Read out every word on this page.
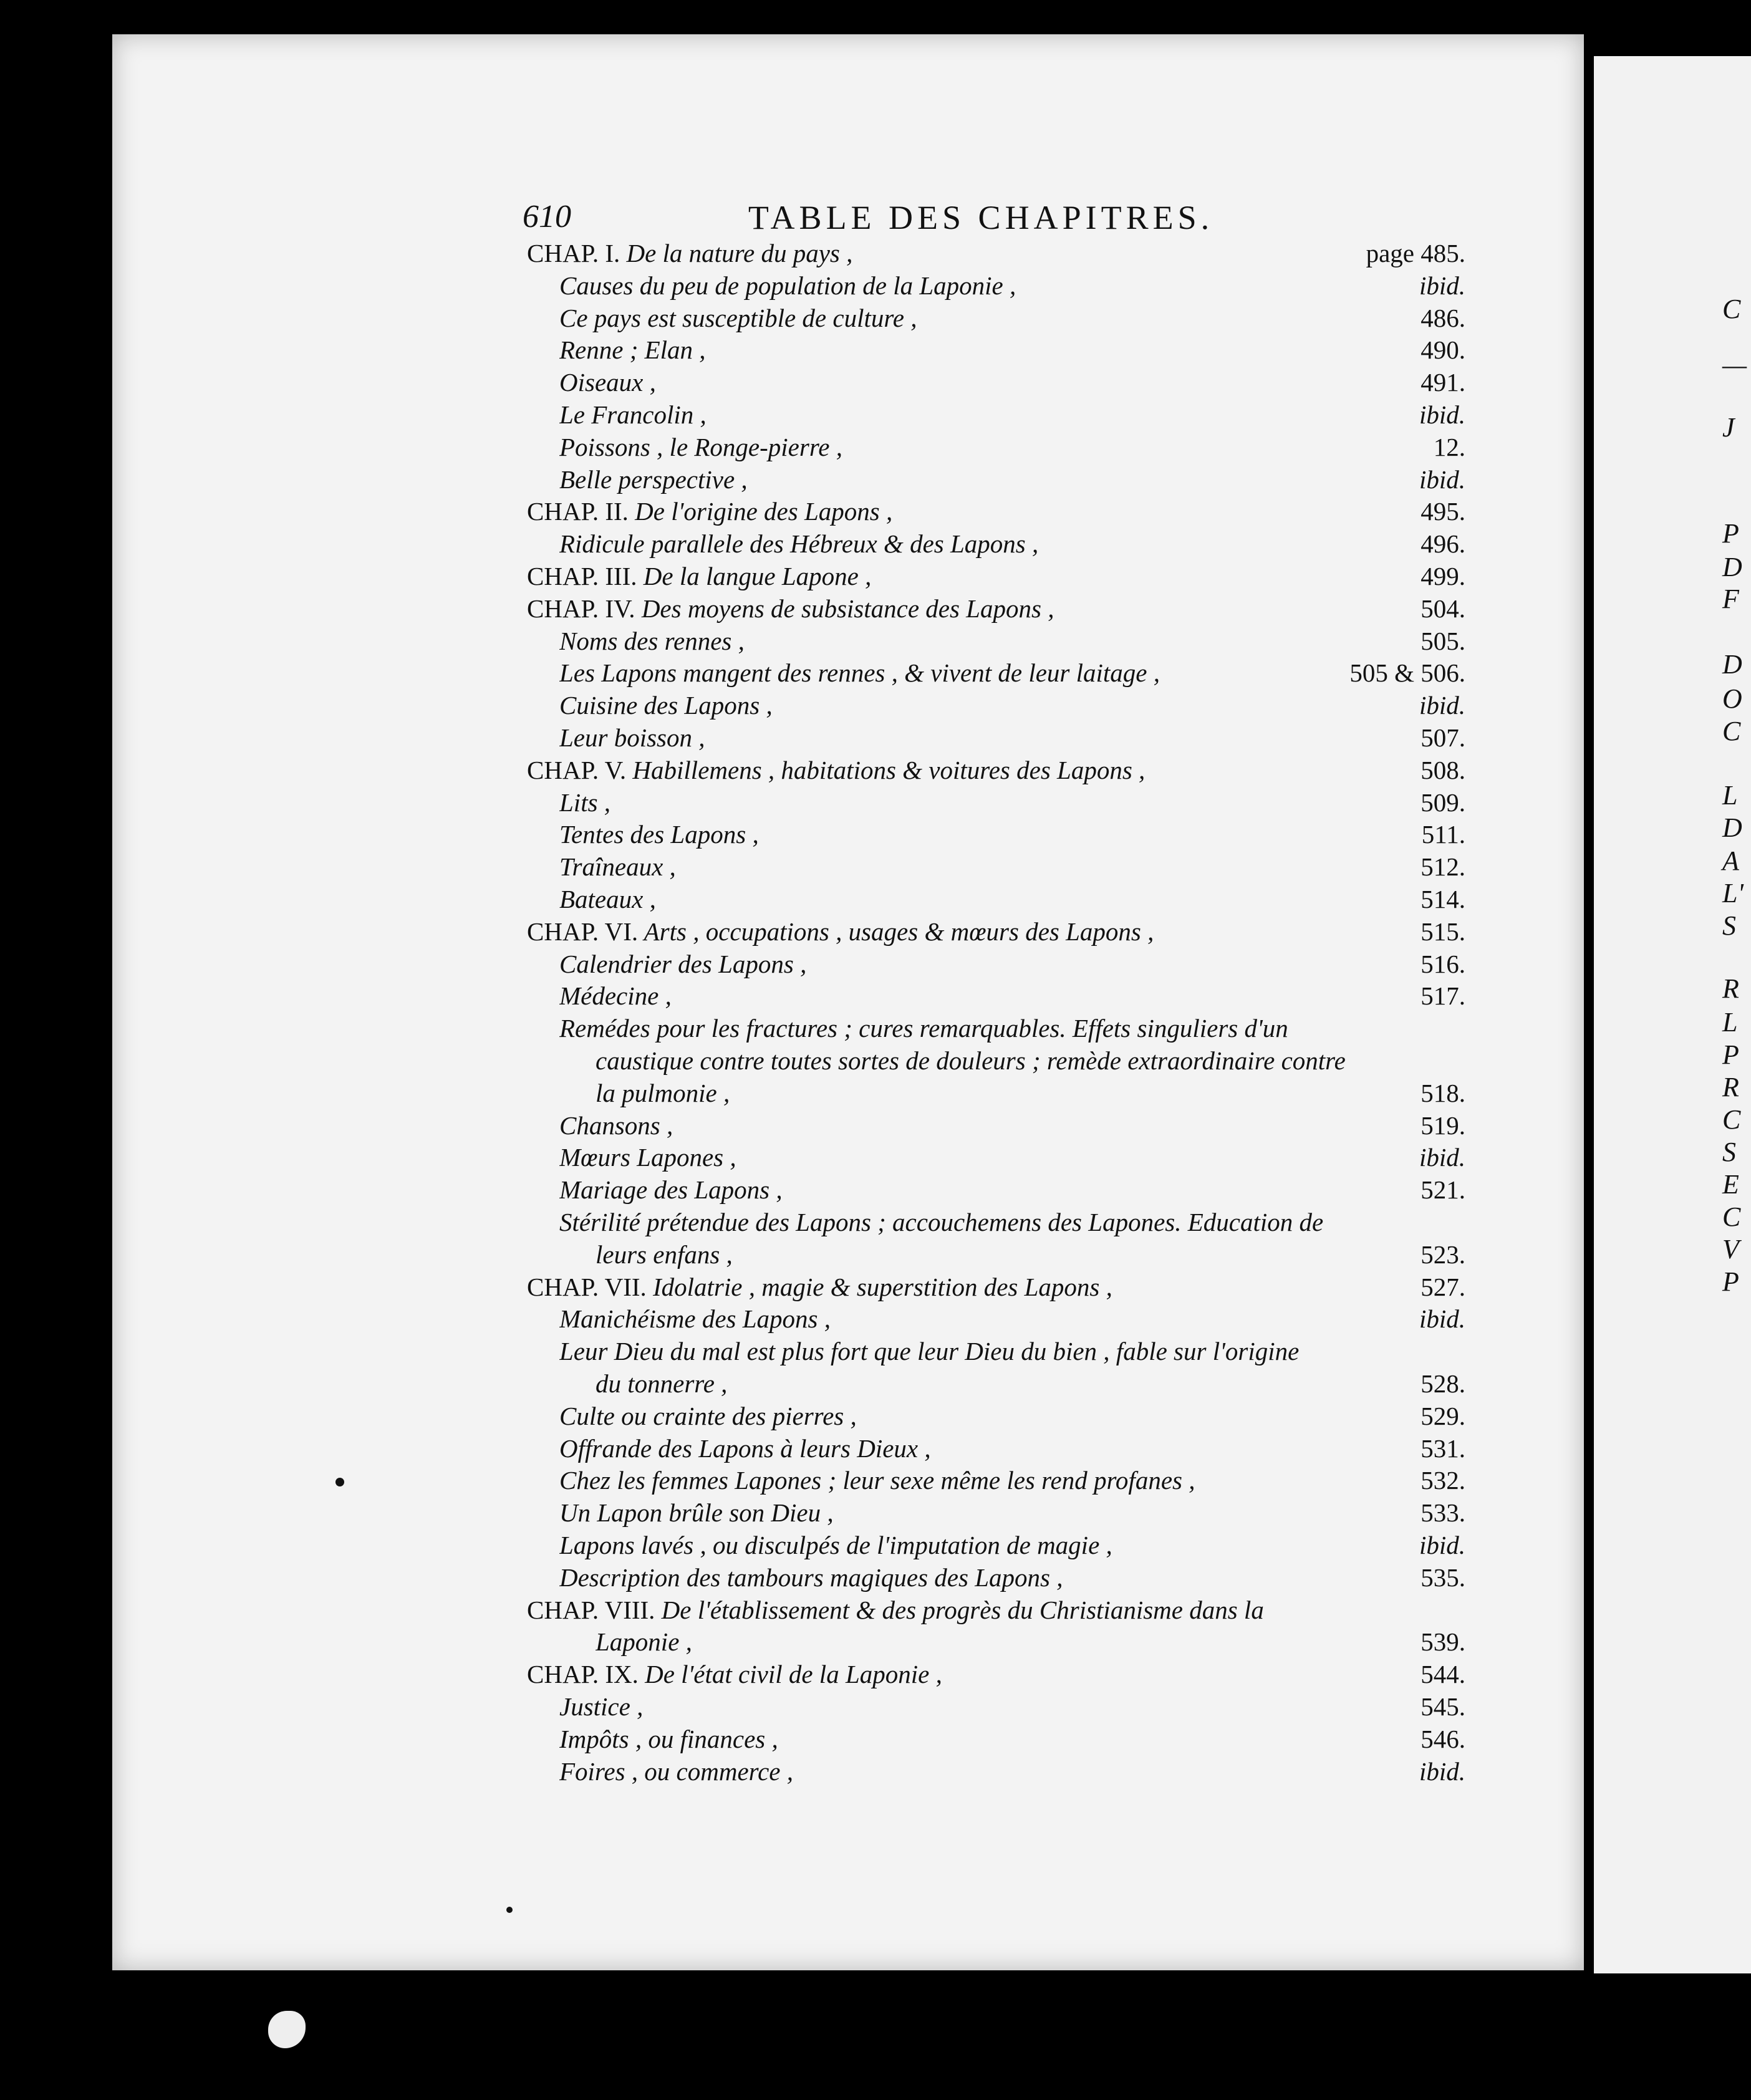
610	TABLE DES CHAPITRES.
CHAP. I. De la nature du pays ,	page 485.
Causes du peu de population de la Laponie ,	ibid.
Ce pays est susceptible de culture ,	486.
Renne ; Elan ,	490.
Oiseaux ,	491.
Le Francolin ,	ibid.
Poissons , le Ronge-pierre ,	12.
Belle perspective ,	ibid.
CHAP. II. De l'origine des Lapons ,	495.
Ridicule parallele des Hébreux & des Lapons ,	496.
CHAP. III. De la langue Lapone ,	499.
CHAP. IV. Des moyens de subsistance des Lapons ,	504.
Noms des rennes ,	505.
Les Lapons mangent des rennes , & vivent de leur laitage ,	505 & 506.
Cuisine des Lapons ,	ibid.
Leur boisson ,	507.
CHAP. V. Habillemens , habitations & voitures des Lapons ,	508.
Lits ,	509.
Tentes des Lapons ,	511.
Traîneaux ,	512.
Bateaux ,	514.
CHAP. VI. Arts , occupations , usages & mœurs des Lapons ,	515.
Calendrier des Lapons ,	516.
Médecine ,	517.
Remédes pour les fractures ; cures remarquables. Effets singuliers d'un
caustique contre toutes sortes de douleurs ; remède extraordinaire contre
la pulmonie ,	518.
Chansons ,	519.
Mœurs Lapones ,	ibid.
Mariage des Lapons ,	521.
Stérilité prétendue des Lapons ; accouchemens des Lapones. Education de
leurs enfans ,	523.
CHAP. VII. Idolatrie , magie & superstition des Lapons ,	527.
Manichéisme des Lapons ,	ibid.
Leur Dieu du mal est plus fort que leur Dieu du bien , fable sur l'origine
du tonnerre ,	528.
Culte ou crainte des pierres ,	529.
Offrande des Lapons à leurs Dieux ,	531.
Chez les femmes Lapones ; leur sexe même les rend profanes ,	532.
Un Lapon brûle son Dieu ,	533.
Lapons lavés , ou disculpés de l'imputation de magie ,	ibid.
Description des tambours magiques des Lapons ,	535.
CHAP. VIII. De l'établissement & des progrès du Christianisme dans la
Laponie ,	539.
CHAP. IX. De l'état civil de la Laponie ,	544.
Justice ,	545.
Impôts , ou finances ,	546.
Foires , ou commerce ,	ibid.
C
—
J
P
D
F
D
O
C
L
D
A
L'
S
R
L
P
R
C
S
E
C
V
P
